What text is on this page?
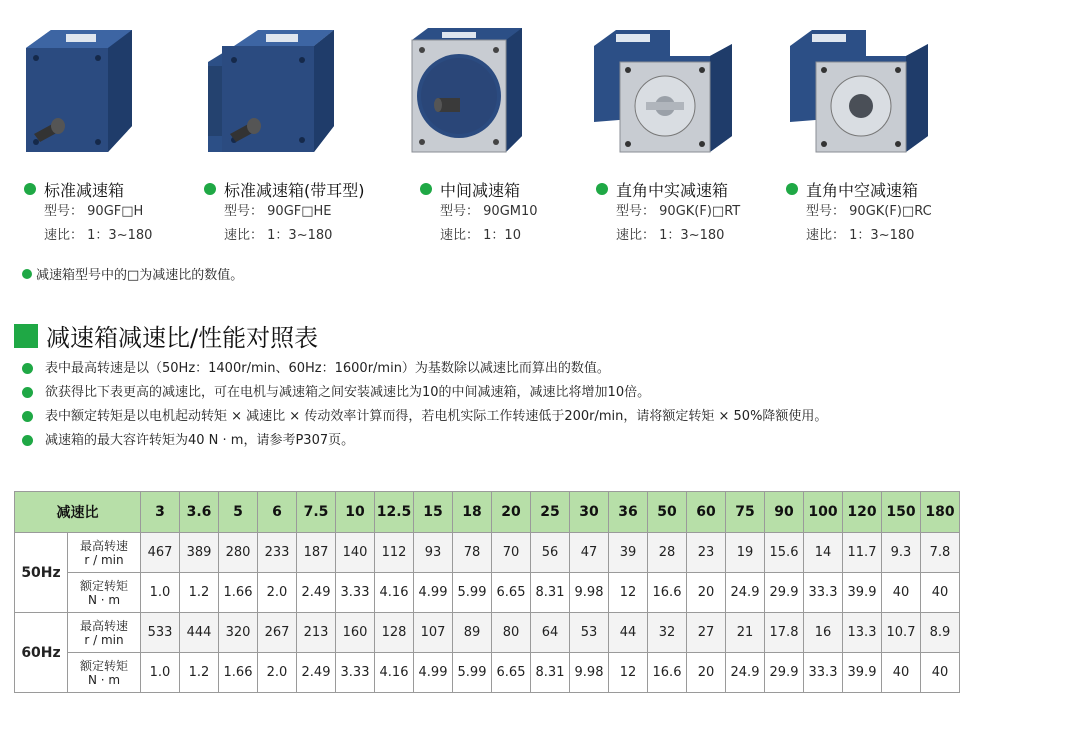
标准减速箱
型号： 90GF□H
速比： 1：3~180
标准减速箱(带耳型)
型号： 90GF□HE
速比： 1：3~180
中间减速箱
型号： 90GM10
速比： 1：10
直角中实减速箱
型号： 90GK(F)□RT
速比： 1：3~180
直角中空减速箱
型号： 90GK(F)□RC
速比： 1：3~180
减速箱型号中的□为减速比的数值。
减速箱减速比/性能对照表
表中最高转速是以（50Hz：1400r/min、60Hz：1600r/min）为基数除以减速比而算出的数值。
欲获得比下表更高的减速比，可在电机与减速箱之间安装减速比为10的中间减速箱，减速比将增加10倍。
表中额定转矩是以电机起动转矩 × 减速比 × 传动效率计算而得，若电机实际工作转速低于200r/min，请将额定转矩 × 50%降额使用。
减速箱的最大容许转矩为40 N · m，请参考P307页。
减速比		3	3.6	5	6	7.5	10	12.5	15	18	20	25	30	36	50	60	75	90	100	120	150	180
50Hz	最高转速
r / min	467	389	280	233	187	140	112	93	78	70	56	47	39	28	23	19	15.6	14	11.7	9.3	7.8

	额定转矩
N · m	1.0	1.2	1.66	2.0	2.49	3.33	4.16	4.99	5.99	6.65	8.31	9.98	12	16.6	20	24.9	29.9	33.3	39.9	40	40
60Hz	最高转速
r / min	533	444	320	267	213	160	128	107	89	80	64	53	44	32	27	21	17.8	16	13.3	10.7	8.9

	额定转矩
N · m	1.0	1.2	1.66	2.0	2.49	3.33	4.16	4.99	5.99	6.65	8.31	9.98	12	16.6	20	24.9	29.9	33.3	39.9	40	40
